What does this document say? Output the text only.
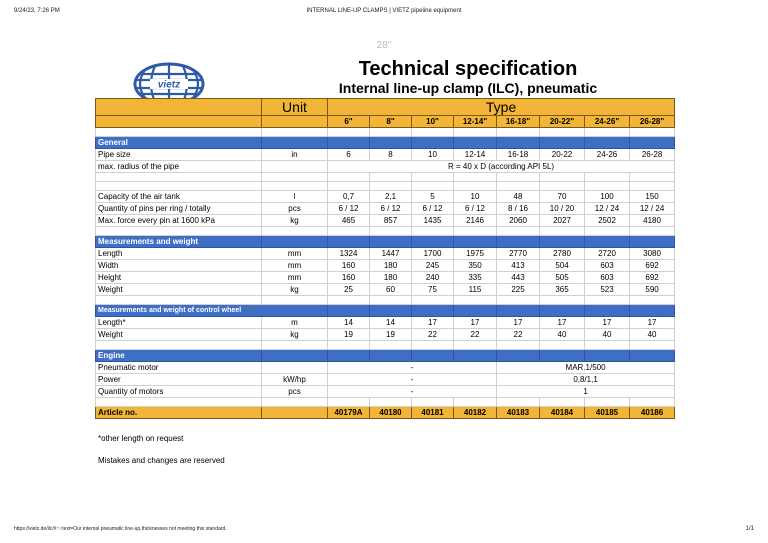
9/24/23, 7:26 PM	INTERNAL LINE-UP CLAMPS | VIETZ pipeline equipment
28"
vietz
Technical specification
Internal line-up clamp (ILC), pneumatic
	Unit	Type							
		6"	8"	10"	12-14"	16-18"	20-22"	24-26"	26-28"

General									
Pipe size	in	6	8	10	12-14	16-18	20-22	24-26	26-28
max. radius of the pipe		R = 40 x D (according API 5L)							

Capacity of the air tank	l	0,7	2,1	5	10	48	70	100	150
Quantity of pins per ring / totally	pcs	6 / 12	6 / 12	6 / 12	6 / 12	8 / 16	10 / 20	12 / 24	12 / 24
Max. force every pin at 1600 kPa	kg	465	857	1435	2146	2060	2027	2502	4180

Measurements and weight									
Length	mm	1324	1447	1700	1975	2770	2780	2720	3080
Width	mm	160	180	245	350	413	504	603	692
Height	mm	160	180	240	335	443	505	603	692
Weight	kg	25	60	75	115	225	365	523	590

Measurements and weight of control wheel									
Length*	m	14	14	17	17	17	17	17	17
Weight	kg	19	19	22	22	22	40	40	40

Engine									
Pneumatic motor		-				MAR.1/500			
Power	kW/hp	-				0,8/1,1			
Quantity of motors	pcs	-				1			

Article no.		40179A	40180	40181	40182	40183	40184	40185	40186
*other length on request
Mistakes and changes are reserved
https://vietz.de/ilc/#:~:text=Our internal pneumatic line-up,thicknesses not meeting this standard.	1/1
